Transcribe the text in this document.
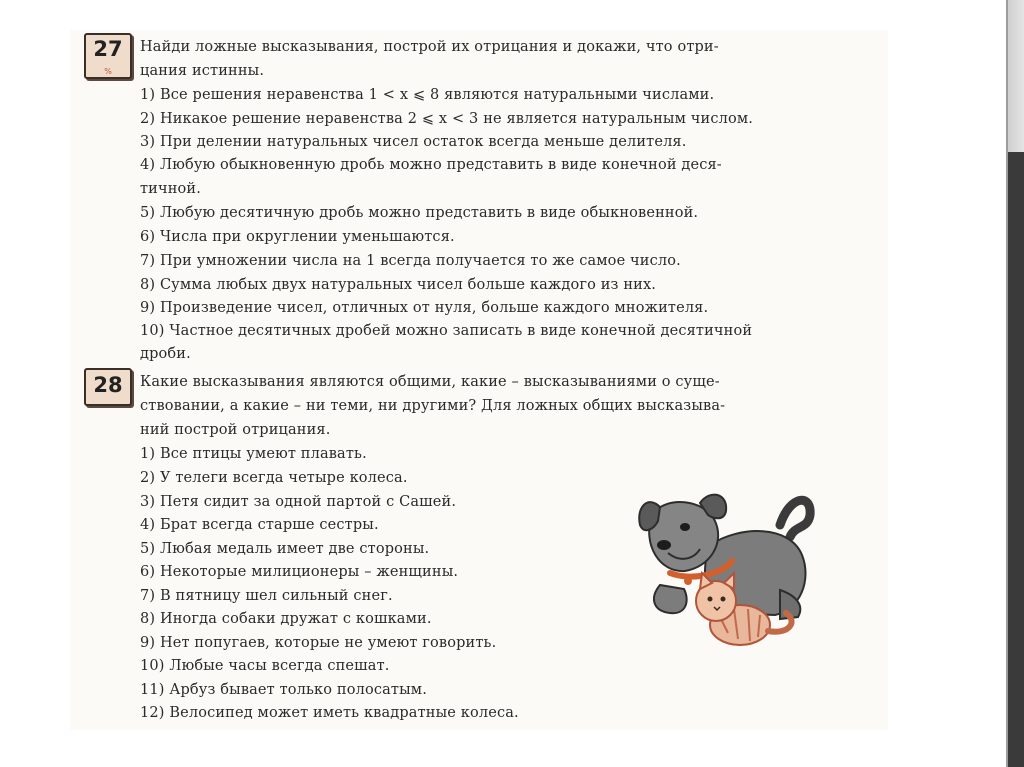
27
%
Найди ложные высказывания, построй их отрицания и докажи, что отри-
цания истинны.
1) Все решения неравенства 1 < x ⩽ 8 являются натуральными числами.
2) Никакое решение неравенства 2 ⩽ x < 3 не является натуральным числом.
3) При делении натуральных чисел остаток всегда меньше делителя.
4) Любую обыкновенную дробь можно представить в виде конечной деся-
тичной.
5) Любую десятичную дробь можно представить в виде обыкновенной.
6) Числа при округлении уменьшаются.
7) При умножении числа на 1 всегда получается то же самое число.
8) Сумма любых двух натуральных чисел больше каждого из них.
9) Произведение чисел, отличных от нуля, больше каждого множителя.
10) Частное десятичных дробей можно записать в виде конечной десятичной
дроби.
28	Какие высказывания являются общими, какие – высказываниями о суще-
ствовании, а какие – ни теми, ни другими? Для ложных общих высказыва-
ний построй отрицания.
1) Все птицы умеют плавать.
2) У телеги всегда четыре колеса.
3) Петя сидит за одной партой с Сашей.
4) Брат всегда старше сестры.
5) Любая медаль имеет две стороны.
6) Некоторые милиционеры – женщины.
7) В пятницу шел сильный снег.
8) Иногда собаки дружат с кошками.
9) Нет попугаев, которые не умеют говорить.
10) Любые часы всегда спешат.
11) Арбуз бывает только полосатым.
12) Велосипед может иметь квадратные колеса.
